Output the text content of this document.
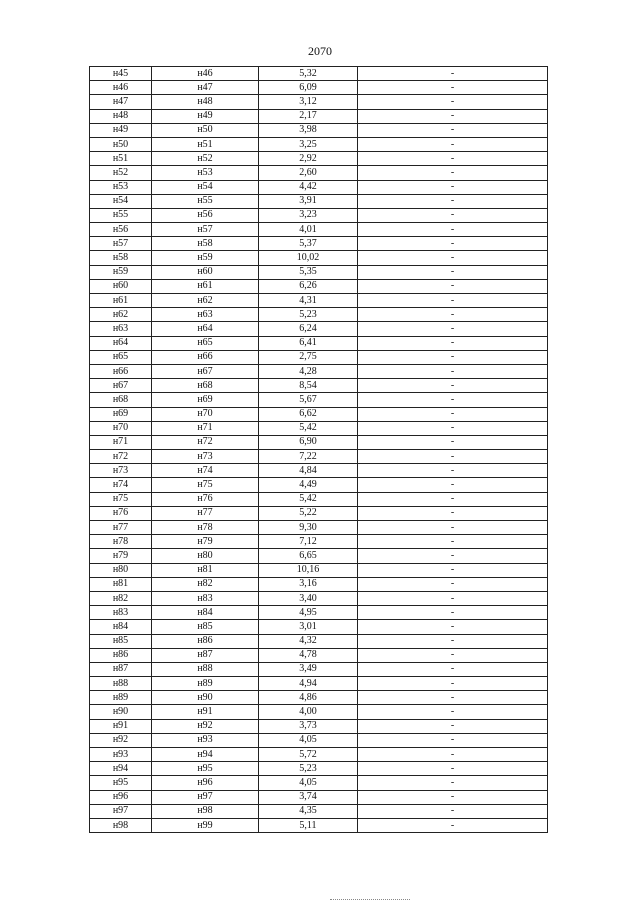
2070
н45	н46	5,32	-
н46	н47	6,09	-
н47	н48	3,12	-
н48	н49	2,17	-
н49	н50	3,98	-
н50	н51	3,25	-
н51	н52	2,92	-
н52	н53	2,60	-
н53	н54	4,42	-
н54	н55	3,91	-
н55	н56	3,23	-
н56	н57	4,01	-
н57	н58	5,37	-
н58	н59	10,02	-
н59	н60	5,35	-
н60	н61	6,26	-
н61	н62	4,31	-
н62	н63	5,23	-
н63	н64	6,24	-
н64	н65	6,41	-
н65	н66	2,75	-
н66	н67	4,28	-
н67	н68	8,54	-
н68	н69	5,67	-
н69	н70	6,62	-
н70	н71	5,42	-
н71	н72	6,90	-
н72	н73	7,22	-
н73	н74	4,84	-
н74	н75	4,49	-
н75	н76	5,42	-
н76	н77	5,22	-
н77	н78	9,30	-
н78	н79	7,12	-
н79	н80	6,65	-
н80	н81	10,16	-
н81	н82	3,16	-
н82	н83	3,40	-
н83	н84	4,95	-
н84	н85	3,01	-
н85	н86	4,32	-
н86	н87	4,78	-
н87	н88	3,49	-
н88	н89	4,94	-
н89	н90	4,86	-
н90	н91	4,00	-
н91	н92	3,73	-
н92	н93	4,05	-
н93	н94	5,72	-
н94	н95	5,23	-
н95	н96	4,05	-
н96	н97	3,74	-
н97	н98	4,35	-
н98	н99	5,11	-
